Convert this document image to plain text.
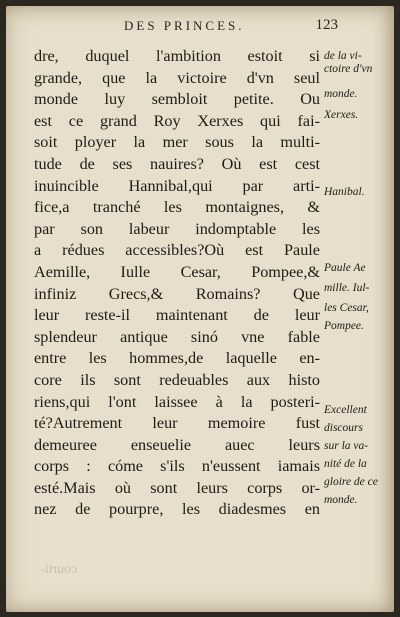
DES PRINCES.	123
dre, duquel l'ambition estoit si
grande, que la victoire d'vn seul
monde luy sembloit petite. Ou
est ce grand Roy Xerxes qui fai-
soit ployer la mer sous la multi-
tude de ses nauires? Où est cest
inuincible Hannibal,qui par arti-
fice,a tranché les montaignes, &
par son labeur indomptable les
a rédues accessibles?Où est Paule
Aemille, Iulle Cesar, Pompee,&
infiniz Grecs,& Romains? Que
leur reste-il maintenant de leur
splendeur antique sinó vne fable
entre les hommes,de laquelle en-
core ils sont redeuables aux histo
riens,qui l'ont laissee à la posteri-
té?Autrement leur memoire fust
demeuree enseuelie auec leurs
corps : cóme s'ils n'eussent iamais
esté.Mais où sont leurs corps or-
nez de pourpre, les diadesmes en
de la vi-
ctoire d'vn
monde.
Xerxes.
Hanibal.
Paule Ae
mille. Iul-
les Cesar,
Pompee.
Excellent
discours
sur la va-
nité de la
gloire de ce
monde.
courti-
